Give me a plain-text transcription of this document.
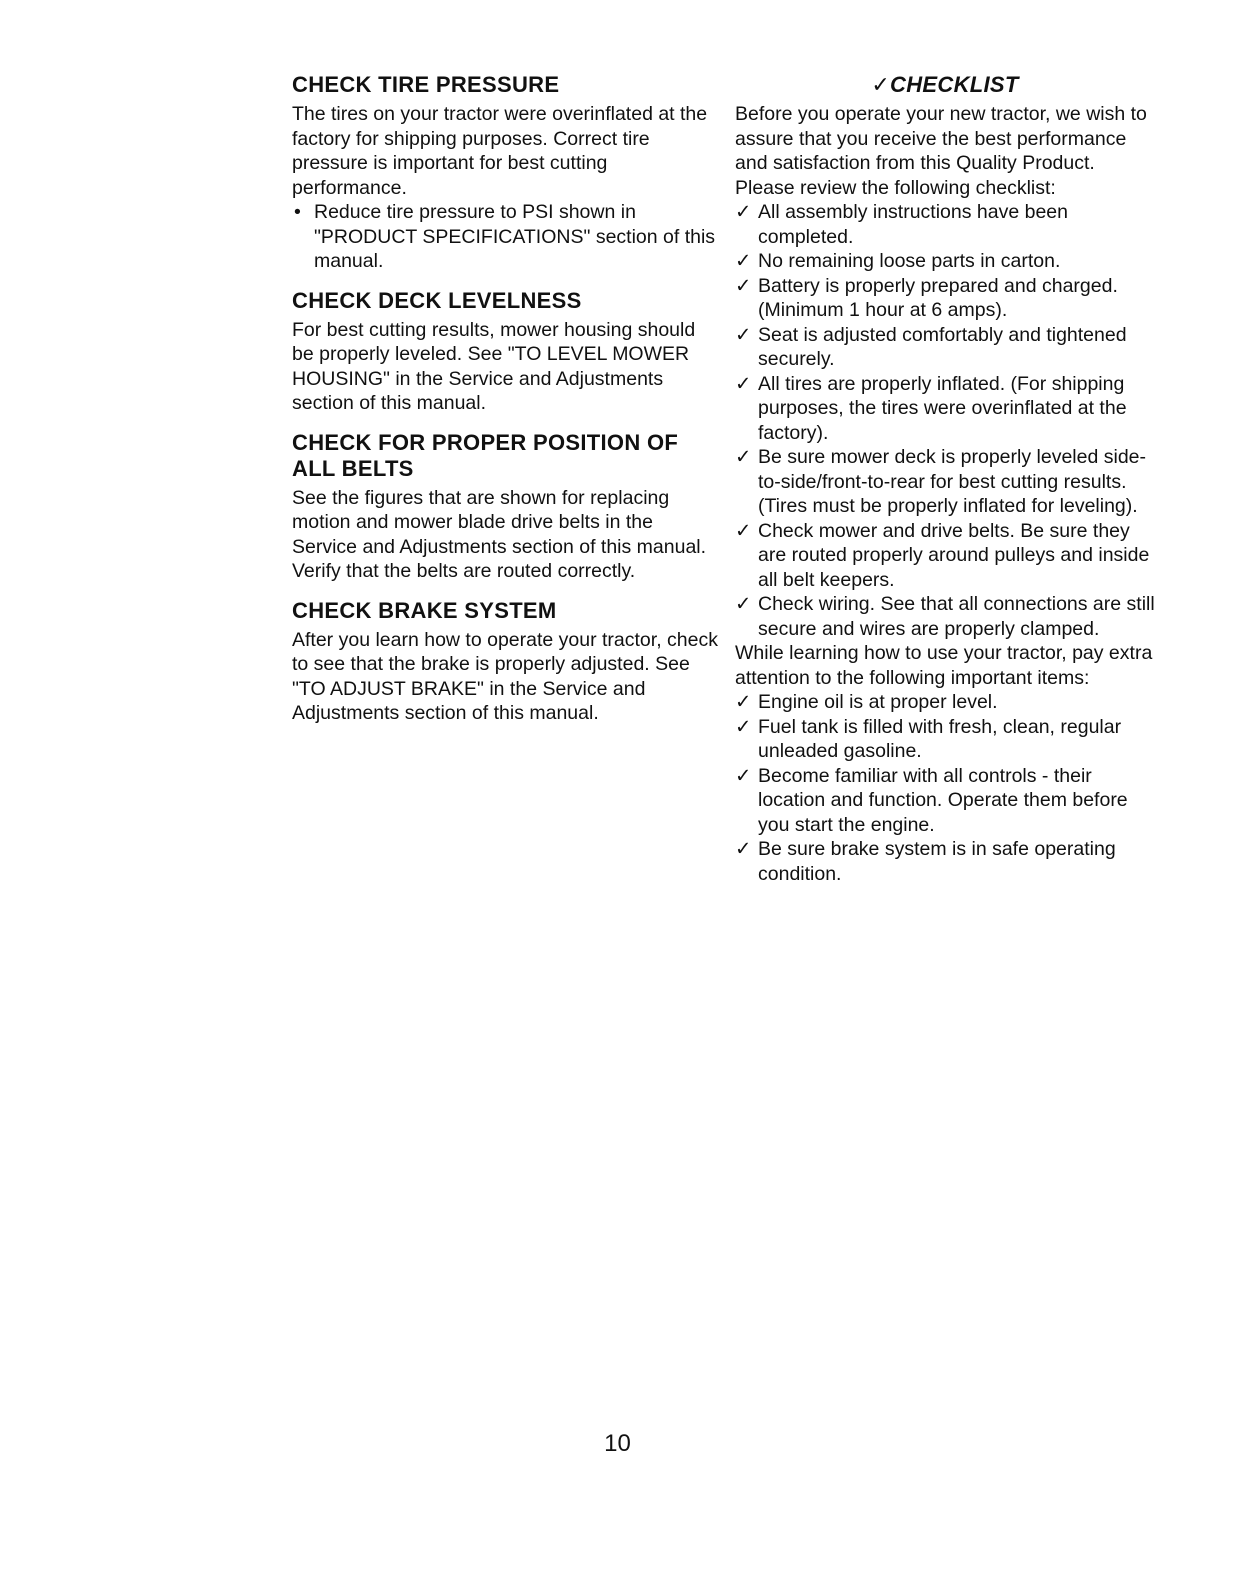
CHECK TIRE PRESSURE

The tires on your tractor were overinflated at the factory for shipping purposes. Correct tire pressure is important for best cutting performance.

• Reduce tire pressure to PSI shown in "PRODUCT SPECIFICATIONS" section of this manual.
CHECK DECK LEVELNESS

For best cutting results, mower housing should be properly leveled. See "TO LEVEL MOWER HOUSING" in the Service and Adjustments section of this manual.

CHECK FOR PROPER POSITION OF ALL BELTS

See the figures that are shown for replacing motion and mower blade drive belts in the Service and Adjustments section of this manual. Verify that the belts are routed correctly.

CHECK BRAKE SYSTEM

After you learn how to operate your tractor, check to see that the brake is properly adjusted. See "TO ADJUST BRAKE" in the Service and Adjustments section of this manual.

✓CHECKLIST

Before you operate your new tractor, we wish to assure that you receive the best performance and satisfaction from this Quality Product.

Please review the following checklist:

✓ All assembly instructions have been completed.
✓ No remaining loose parts in carton.
✓ Battery is properly prepared and charged. (Minimum 1 hour at 6 amps).
✓ Seat is adjusted comfortably and tightened securely.
✓ All tires are properly inflated. (For shipping purposes, the tires were overinflated at the factory).
✓ Be sure mower deck is properly leveled side-to-side/front-to-rear for best cutting results. (Tires must be properly inflated for leveling).
✓ Check mower and drive belts. Be sure they are routed properly around pulleys and inside all belt keepers.
✓ Check wiring. See that all connections are still secure and wires are properly clamped.

While learning how to use your tractor, pay extra attention to the following important items:

✓ Engine oil is at proper level.
✓ Fuel tank is filled with fresh, clean, regular unleaded gasoline.
✓ Become familiar with all controls - their location and function. Operate them before you start the engine.
✓ Be sure brake system is in safe operating condition.
10
